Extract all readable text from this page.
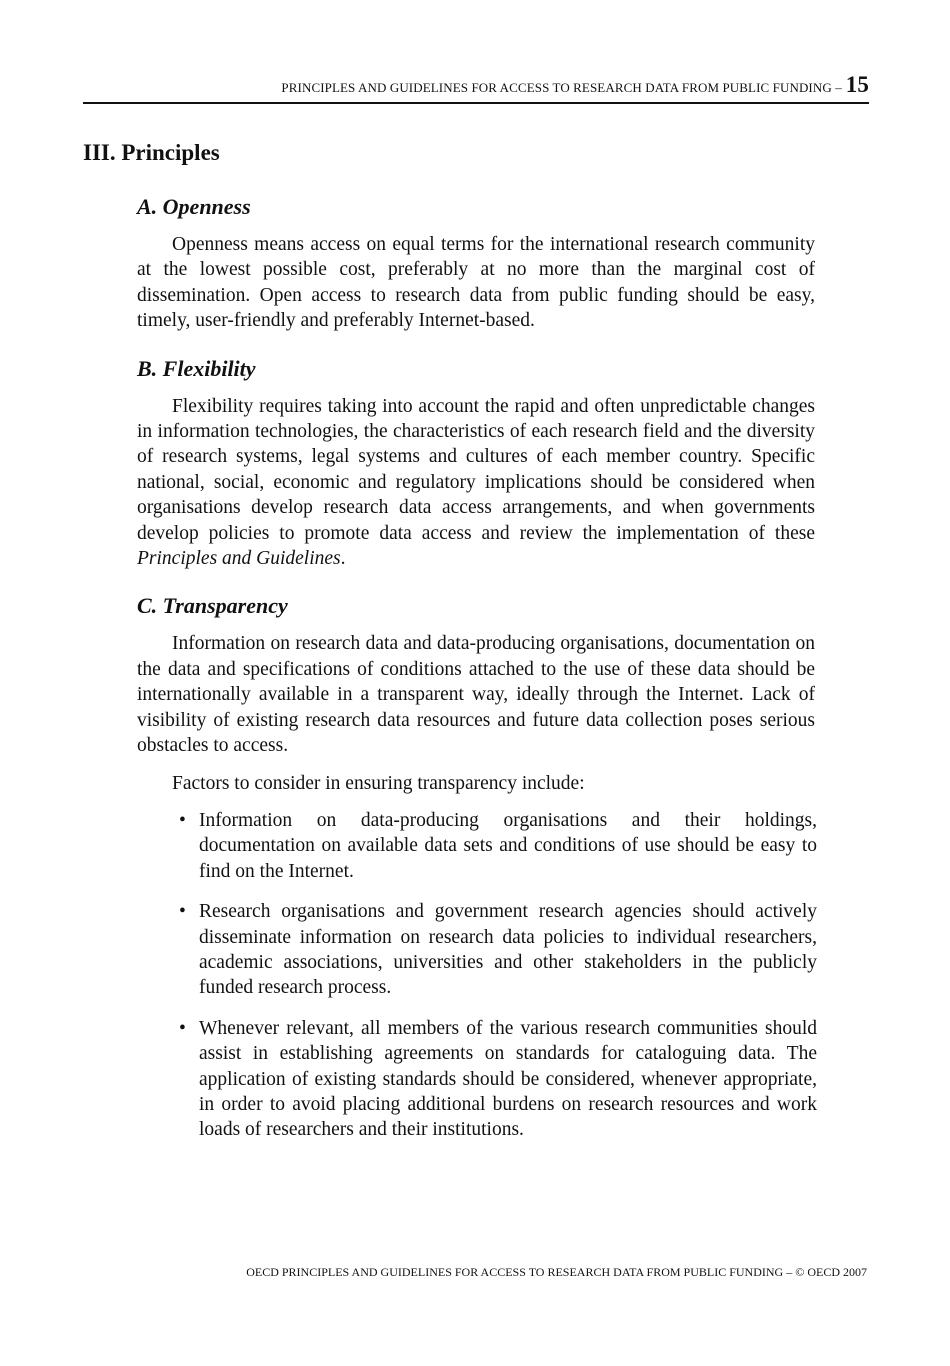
PRINCIPLES AND GUIDELINES FOR ACCESS TO RESEARCH DATA FROM PUBLIC FUNDING – 15
III. Principles
A. Openness

Openness means access on equal terms for the international research community at the lowest possible cost, preferably at no more than the marginal cost of dissemination. Open access to research data from public funding should be easy, timely, user-friendly and preferably Internet-based.

B. Flexibility

Flexibility requires taking into account the rapid and often unpredictable changes in information technologies, the characteristics of each research field and the diversity of research systems, legal systems and cultures of each member country. Specific national, social, economic and regulatory implications should be considered when organisations develop research data access arrangements, and when governments develop policies to promote data access and review the implementation of these Principles and Guidelines.

C. Transparency

Information on research data and data-producing organisations, documentation on the data and specifications of conditions attached to the use of these data should be internationally available in a transparent way, ideally through the Internet. Lack of visibility of existing research data resources and future data collection poses serious obstacles to access.

Factors to consider in ensuring transparency include:

• Information on data-producing organisations and their holdings, documentation on available data sets and conditions of use should be easy to find on the Internet.
• Research organisations and government research agencies should actively disseminate information on research data policies to individual researchers, academic associations, universities and other stakeholders in the publicly funded research process.
• Whenever relevant, all members of the various research communities should assist in establishing agreements on standards for cataloguing data. The application of existing standards should be considered, whenever appropriate, in order to avoid placing additional burdens on research resources and work loads of researchers and their institutions.
OECD PRINCIPLES AND GUIDELINES FOR ACCESS TO RESEARCH DATA FROM PUBLIC FUNDING – © OECD 2007
